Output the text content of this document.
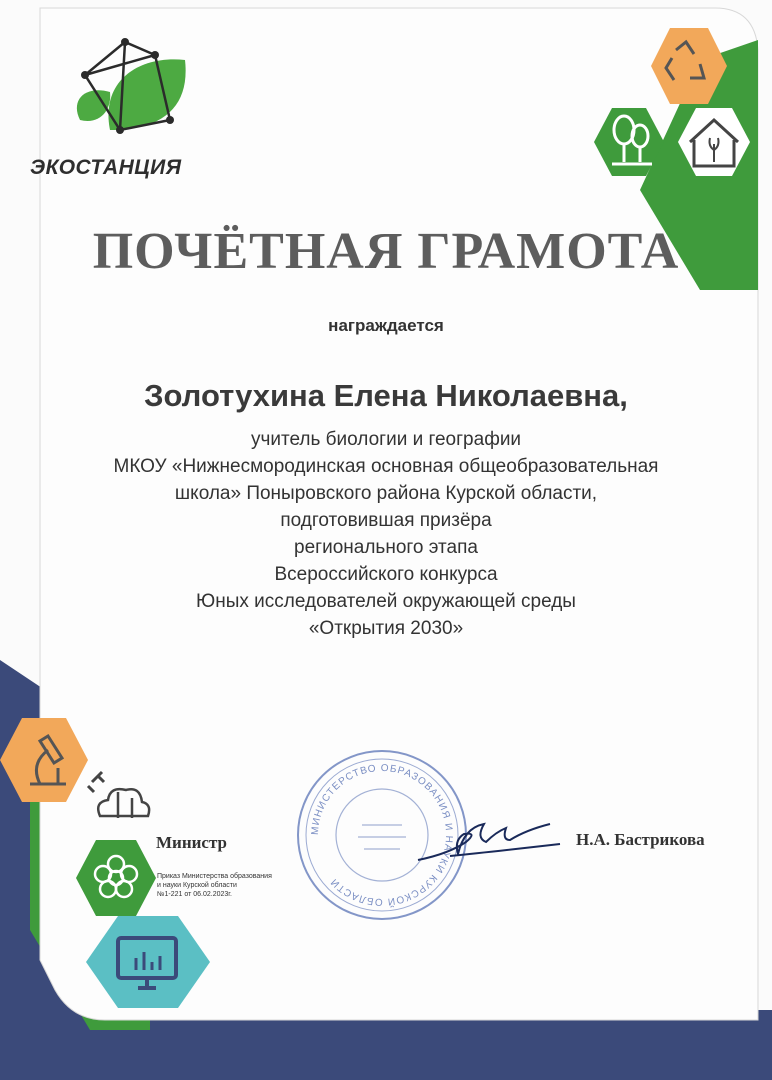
ЭКОСТАНЦИЯ
ПОЧЁТНАЯ ГРАМОТА
награждается
Золотухина Елена Николаевна,
учитель биологии и географии
МКОУ «Нижнесмородинская основная общеобразовательная
школа» Поныровского района Курской области,
подготовившая призёра
регионального этапа
Всероссийского конкурса
Юных исследователей окружающей среды
«Открытия 2030»
МИНИСТЕРСТВО ОБРАЗОВАНИЯ И НАУКИ КУРСКОЙ ОБЛАСТИ
Министр
Приказ Министерства образования
и науки Курской области
№1-221 от 06.02.2023г.
Н.А. Бастрикова
